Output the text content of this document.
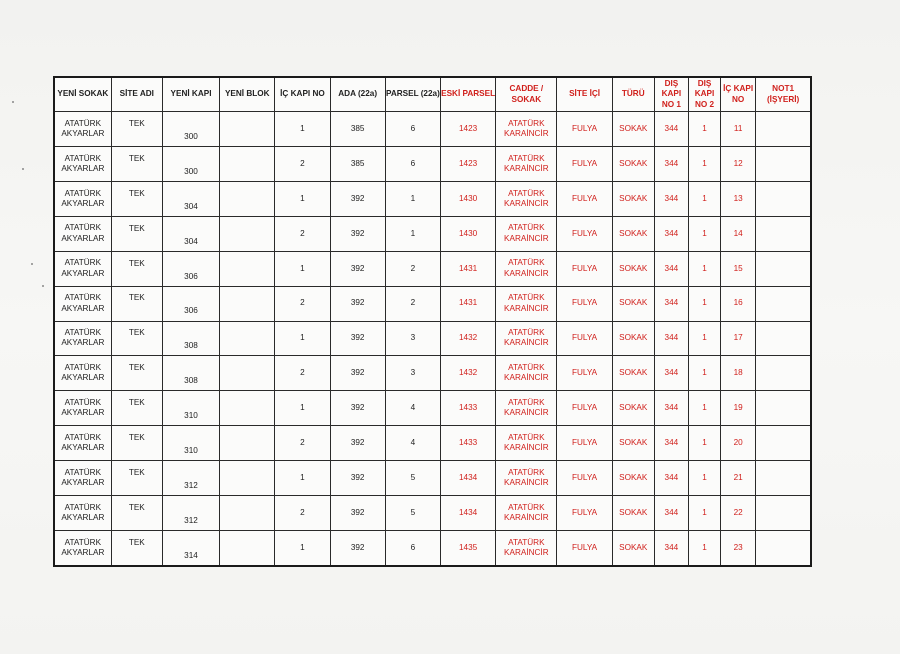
YENİ SOKAK	SİTE ADI	YENİ KAPI	YENİ BLOK	İÇ KAPI NO	ADA (22a)	PARSEL (22a)	ESKİ PARSEL	CADDE / SOKAK	SİTE İÇİ	TÜRÜ	DIŞ KAPI NO 1	DIŞ KAPI NO 2	İÇ KAPI NO	NOT1 (İŞYERİ)
ATATÜRK AKYARLAR	TEK	300		1	385	6	1423	ATATÜRK KARAİNCİR	FULYA	SOKAK	344	1	11	
ATATÜRK AKYARLAR	TEK	300		2	385	6	1423	ATATÜRK KARAİNCİR	FULYA	SOKAK	344	1	12	
ATATÜRK AKYARLAR	TEK	304		1	392	1	1430	ATATÜRK KARAİNCİR	FULYA	SOKAK	344	1	13	
ATATÜRK AKYARLAR	TEK	304		2	392	1	1430	ATATÜRK KARAİNCİR	FULYA	SOKAK	344	1	14	
ATATÜRK AKYARLAR	TEK	306		1	392	2	1431	ATATÜRK KARAİNCİR	FULYA	SOKAK	344	1	15	
ATATÜRK AKYARLAR	TEK	306		2	392	2	1431	ATATÜRK KARAİNCİR	FULYA	SOKAK	344	1	16	
ATATÜRK AKYARLAR	TEK	308		1	392	3	1432	ATATÜRK KARAİNCİR	FULYA	SOKAK	344	1	17	
ATATÜRK AKYARLAR	TEK	308		2	392	3	1432	ATATÜRK KARAİNCİR	FULYA	SOKAK	344	1	18	
ATATÜRK AKYARLAR	TEK	310		1	392	4	1433	ATATÜRK KARAİNCİR	FULYA	SOKAK	344	1	19	
ATATÜRK AKYARLAR	TEK	310		2	392	4	1433	ATATÜRK KARAİNCİR	FULYA	SOKAK	344	1	20	
ATATÜRK AKYARLAR	TEK	312		1	392	5	1434	ATATÜRK KARAİNCİR	FULYA	SOKAK	344	1	21	
ATATÜRK AKYARLAR	TEK	312		2	392	5	1434	ATATÜRK KARAİNCİR	FULYA	SOKAK	344	1	22	
ATATÜRK AKYARLAR	TEK	314		1	392	6	1435	ATATÜRK KARAİNCİR	FULYA	SOKAK	344	1	23	
